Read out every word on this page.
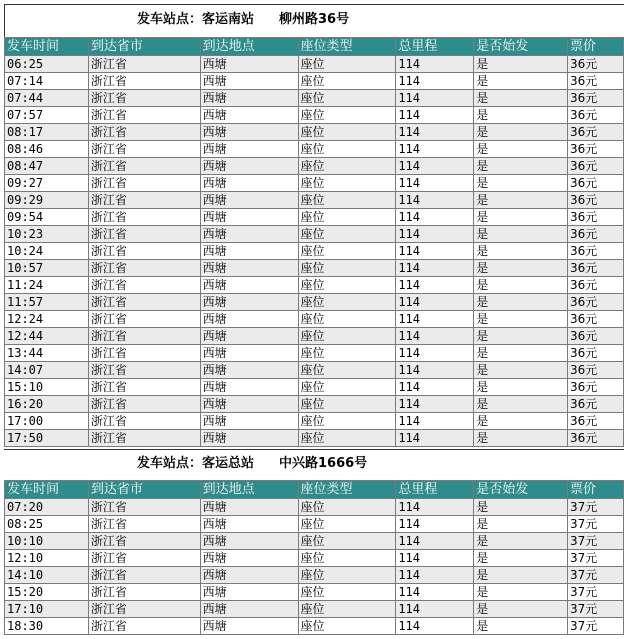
发车站点：客运南站 柳州路36号
发车时间	到达省市	到达地点	座位类型	总里程	是否始发	票价
06:25	浙江省	西塘	座位	114	是	36元
07:14	浙江省	西塘	座位	114	是	36元
07:44	浙江省	西塘	座位	114	是	36元
07:57	浙江省	西塘	座位	114	是	36元
08:17	浙江省	西塘	座位	114	是	36元
08:46	浙江省	西塘	座位	114	是	36元
08:47	浙江省	西塘	座位	114	是	36元
09:27	浙江省	西塘	座位	114	是	36元
09:29	浙江省	西塘	座位	114	是	36元
09:54	浙江省	西塘	座位	114	是	36元
10:23	浙江省	西塘	座位	114	是	36元
10:24	浙江省	西塘	座位	114	是	36元
10:57	浙江省	西塘	座位	114	是	36元
11:24	浙江省	西塘	座位	114	是	36元
11:57	浙江省	西塘	座位	114	是	36元
12:24	浙江省	西塘	座位	114	是	36元
12:44	浙江省	西塘	座位	114	是	36元
13:44	浙江省	西塘	座位	114	是	36元
14:07	浙江省	西塘	座位	114	是	36元
15:10	浙江省	西塘	座位	114	是	36元
16:20	浙江省	西塘	座位	114	是	36元
17:00	浙江省	西塘	座位	114	是	36元
17:50	浙江省	西塘	座位	114	是	36元
发车站点：客运总站 中兴路1666号
发车时间	到达省市	到达地点	座位类型	总里程	是否始发	票价
07:20	浙江省	西塘	座位	114	是	37元
08:25	浙江省	西塘	座位	114	是	37元
10:10	浙江省	西塘	座位	114	是	37元
12:10	浙江省	西塘	座位	114	是	37元
14:10	浙江省	西塘	座位	114	是	37元
15:20	浙江省	西塘	座位	114	是	37元
17:10	浙江省	西塘	座位	114	是	37元
18:30	浙江省	西塘	座位	114	是	37元
